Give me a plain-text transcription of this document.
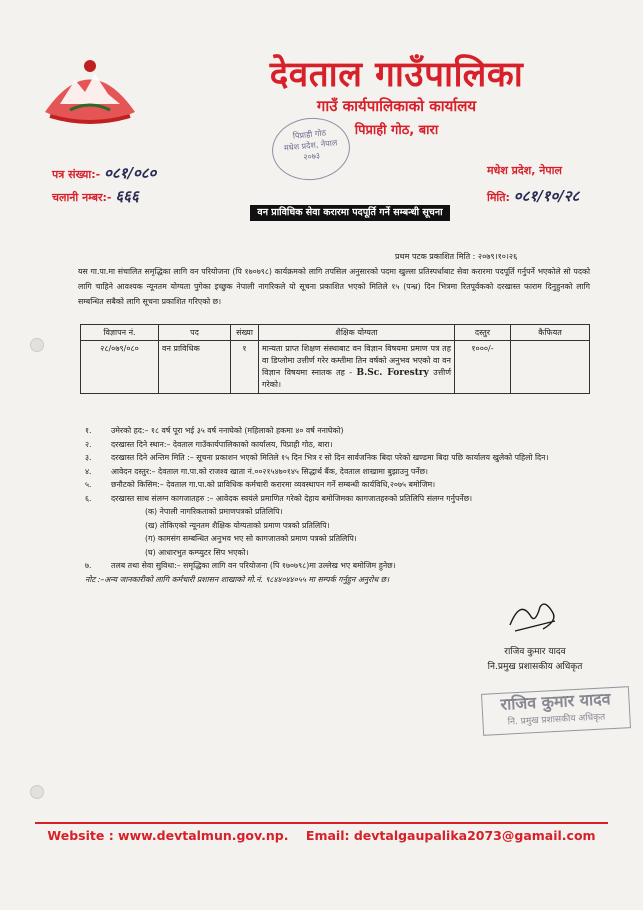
देवताल गाउँपालिका
गाउँ कार्यपालिकाको कार्यालय
पिप्राही गोठ, बारा
पिप्राही गोठ
मधेश प्रदेश, नेपाल
२०७३
पत्र संख्या:- ०८१/०८०
चलानी नम्बर:- ६६६
मधेश प्रदेश, नेपाल
मिति: ०८१/१०/२८
वन प्राविधिक सेवा करारमा पदपूर्ति गर्ने सम्बन्धी सूचना
प्रथम पटक प्रकाशित मिति : २०७९।१०।२६
यस गा.पा.मा संचालित समृद्धिका लागि वन परियोजना (पि १७०७९८) कार्यक्रमको लागि तपसिल अनुसारको पदमा खुल्ला प्रतिस्पर्धाबाट सेवा करारमा पदपूर्ति गर्नुपर्ने भएकोले सो पदको लागि चाहिने आवश्यक न्यूनतम योग्यता पुगेका इच्छुक नेपाली नागरिकले यो सूचना प्रकाशित भएको मितिले १५ (पन्ध्र) दिन भित्रमा रितपूर्वकको दरखास्त फाराम दिनुहुनको लागि सम्बन्धित सबैको लागि सूचना प्रकाशित गरिएको छ।
विज्ञापन नं.	पद	संख्या	शैक्षिक योग्यता	दस्तुर	कैफियत
२८/०७९/०८०	वन प्राविधिक	१	मान्यता प्राप्त शिक्षण संस्थाबाट वन विज्ञान विषयमा प्रमाण पत्र तह वा डिप्लोमा उत्तीर्ण गरेर कम्तीमा तिन वर्षको अनुभव भएको वा वन विज्ञान विषयमा स्नातक तह - B.Sc. Forestry उत्तीर्ण गरेको।	१०००/-	
१.	उमेरको हद:– १८ वर्ष पूरा भई ३५ वर्ष ननाघेको (महिलाको हकमा ४० वर्ष ननाघेको)
२.	दरखास्त दिने स्थान:– देवताल गाउँकार्यपालिकाको कार्यालय, पिप्राही गोठ, बारा।
३.	दरखास्त दिने अन्तिम मिति :– सूचना प्रकाशन भएको मितिले १५ दिन भित्र र सो दिन सार्वजनिक बिदा परेको खण्डमा बिदा पछि कार्यालय खुलेको पहिलो दिन।
४.	आवेदन दस्तुर:– देवताल गा.पा.को राजश्व खाता नं.००२१५४७०१४५ सिद्धार्थ बैंक, देवताल शाखामा बुझाउनु पर्नेछ।
५.	छनौटको किसिम:– देवताल गा.पा.को प्राविधिक कर्मचारी करारमा व्यवस्थापन गर्ने सम्बन्धी कार्यविधि,२०७५ बमोजिम।
६.	दरखास्त साथ संलग्न कागजातहरु :– आवेदक स्वयंले प्रमाणित गरेको देहाय बमोजिमका कागजातहरुको प्रतिलिपि संलग्न गर्नुपर्नेछ।
(क) नेपाली नागरिकताको प्रमाणपत्रको प्रतिलिपि।
(ख) तोकिएको न्यूनतम शैक्षिक योग्यताको प्रमाण पत्रको प्रतिलिपि।
(ग) कामसंग सम्बन्धित अनुभव भए सो कागजातको प्रमाण पत्रको प्रतिलिपि।
(घ) आधारभुत कम्प्युटर सिप भएको।
७.	तलब तथा सेवा सुविधा:– समृद्धिका लागि वन परियोजना (पि १७०७९८)मा उल्लेख भए बमोजिम हुनेछ।
नोट :–अन्य जानकारीको लागि कर्मचारी प्रशासन शाखाको मो.नं. ९८४४०४४०५५ मा सम्पर्क गर्नुहुन अनुरोध छ।
राजिव कुमार यादव
नि.प्रमुख प्रशासकीय अधिकृत
राजिव कुमार यादव
नि. प्रमुख प्रशासकीय अधिकृत
Website : www.devtalmun.gov.np. Email: devtalgaupalika2073@gamail.com
